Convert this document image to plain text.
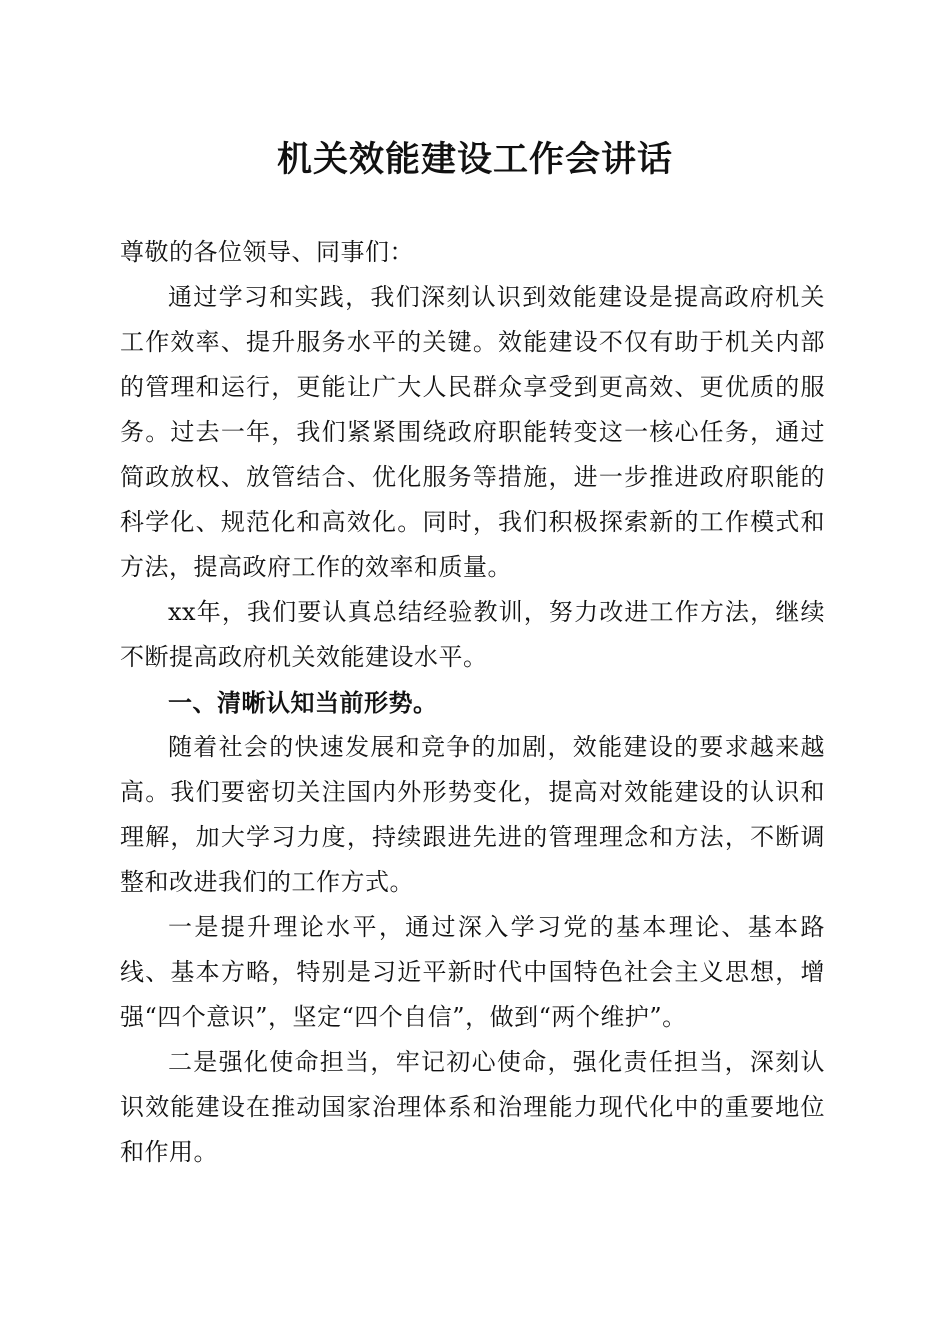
机关效能建设工作会讲话

尊敬的各位领导、同事们：

通过学习和实践，我们深刻认识到效能建设是提高政府机关工作效率、提升服务水平的关键。效能建设不仅有助于机关内部的管理和运行，更能让广大人民群众享受到更高效、更优质的服务。过去一年，我们紧紧围绕政府职能转变这一核心任务，通过简政放权、放管结合、优化服务等措施，进一步推进政府职能的科学化、规范化和高效化。同时，我们积极探索新的工作模式和方法，提高政府工作的效率和质量。

xx年，我们要认真总结经验教训，努力改进工作方法，继续不断提高政府机关效能建设水平。

一、清晰认知当前形势。

随着社会的快速发展和竞争的加剧，效能建设的要求越来越高。我们要密切关注国内外形势变化，提高对效能建设的认识和理解，加大学习力度，持续跟进先进的管理理念和方法，不断调整和改进我们的工作方式。

一是提升理论水平，通过深入学习党的基本理论、基本路线、基本方略，特别是习近平新时代中国特色社会主义思想，增强“四个意识”，坚定“四个自信”，做到“两个维护”。

二是强化使命担当，牢记初心使命，强化责任担当，深刻认识效能建设在推动国家治理体系和治理能力现代化中的重要地位和作用。
